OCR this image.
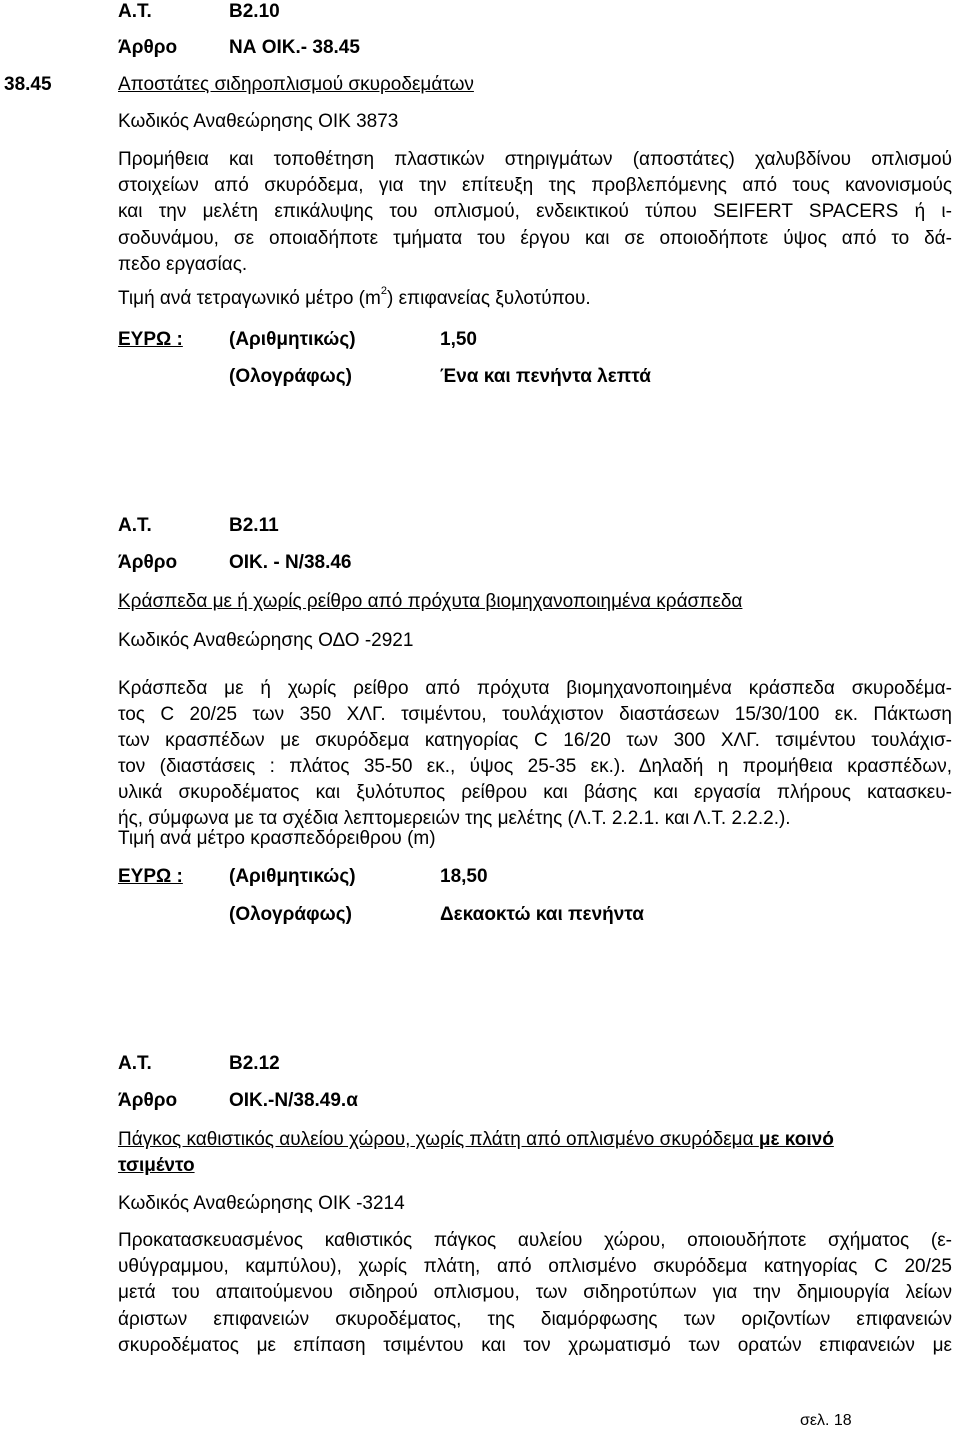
Α.Τ.	Β2.10
Άρθρο	ΝΑ ΟΙΚ.- 38.45
38.45	Αποστάτες σιδηροπλισμού σκυροδεμάτων
Κωδικός Αναθεώρησης ΟΙΚ 3873
Προμήθεια και τοποθέτηση πλαστικών στηριγμάτων (αποστάτες) χαλυβδίνου οπλισμού
στοιχείων από σκυρόδεμα, για την επίτευξη της προβλεπόμενης από τους κανονισμούς
και την μελέτη επικάλυψης του οπλισμού, ενδεικτικού τύπου SEIFERT SPACERS ή ι-
σοδυνάμου, σε οποιαδήποτε τμήματα του έργου και σε οποιοδήποτε ύψος από το δά-
πεδο εργασίας.
Τιμή ανά τετραγωνικό μέτρο $(m^2)$ επιφανείας ξυλοτύπου.
ΕΥΡΩ : (Αριθμητικώς)	1,50
(Ολογράφως)	Ένα και πενήντα λεπτά
Α.Τ.	Β2.11
Άρθρο	ΟΙΚ. - Ν/38.46
Κράσπεδα με ή χωρίς ρείθρο από πρόχυτα βιομηχανοποιημένα κράσπεδα
Κωδικός Αναθεώρησης ΟΔΟ -2921
Κράσπεδα με ή χωρίς ρείθρο από πρόχυτα βιομηχανοποιημένα κράσπεδα σκυροδέμα-
τος C 20/25 των 350 ΧΛΓ. τσιμέντου, τουλάχιστον διαστάσεων 15/30/100 εκ. Πάκτωση
των κρασπέδων με σκυρόδεμα κατηγορίας C 16/20 των 300 ΧΛΓ. τσιμέντου τουλάχισ-
τον (διαστάσεις : πλάτος 35-50 εκ., ύψος 25-35 εκ.). Δηλαδή η προμήθεια κρασπέδων,
υλικά σκυροδέματος και ξυλότυπος ρείθρου και βάσης και εργασία πλήρους κατασκευ-
ής, σύμφωνα με τα σχέδια λεπτομερειών της μελέτης (Λ.Τ. 2.2.1. και Λ.Τ. 2.2.2.).
Τιμή ανά μέτρο κρασπεδόρειθρου (m)
ΕΥΡΩ : (Αριθμητικώς)	18,50
(Ολογράφως)	Δεκαοκτώ και πενήντα
Α.Τ.	Β2.12
Άρθρο	ΟΙΚ.-Ν/38.49.α
Πάγκος καθιστικός αυλείου χώρου, χωρίς πλάτη από οπλισμένο σκυρόδεμα με κοινό
τσιμέντο
Κωδικός Αναθεώρησης ΟΙΚ -3214
Προκατασκευασμένος καθιστικός πάγκος αυλείου χώρου, οποιουδήποτε σχήματος (ε-
υθύγραμμου, καμπύλου), χωρίς πλάτη, από οπλισμένο σκυρόδεμα κατηγορίας C 20/25
μετά του απαιτούμενου σιδηρού οπλισμου, των σιδηροτύπων για την δημιουργία λείων
άριστων επιφανειών σκυροδέματος, της διαμόρφωσης των οριζοντίων επιφανειών
σκυροδέματος με επίπαση τσιμέντου και τον χρωματισμό των ορατών επιφανειών με
σελ. 18
